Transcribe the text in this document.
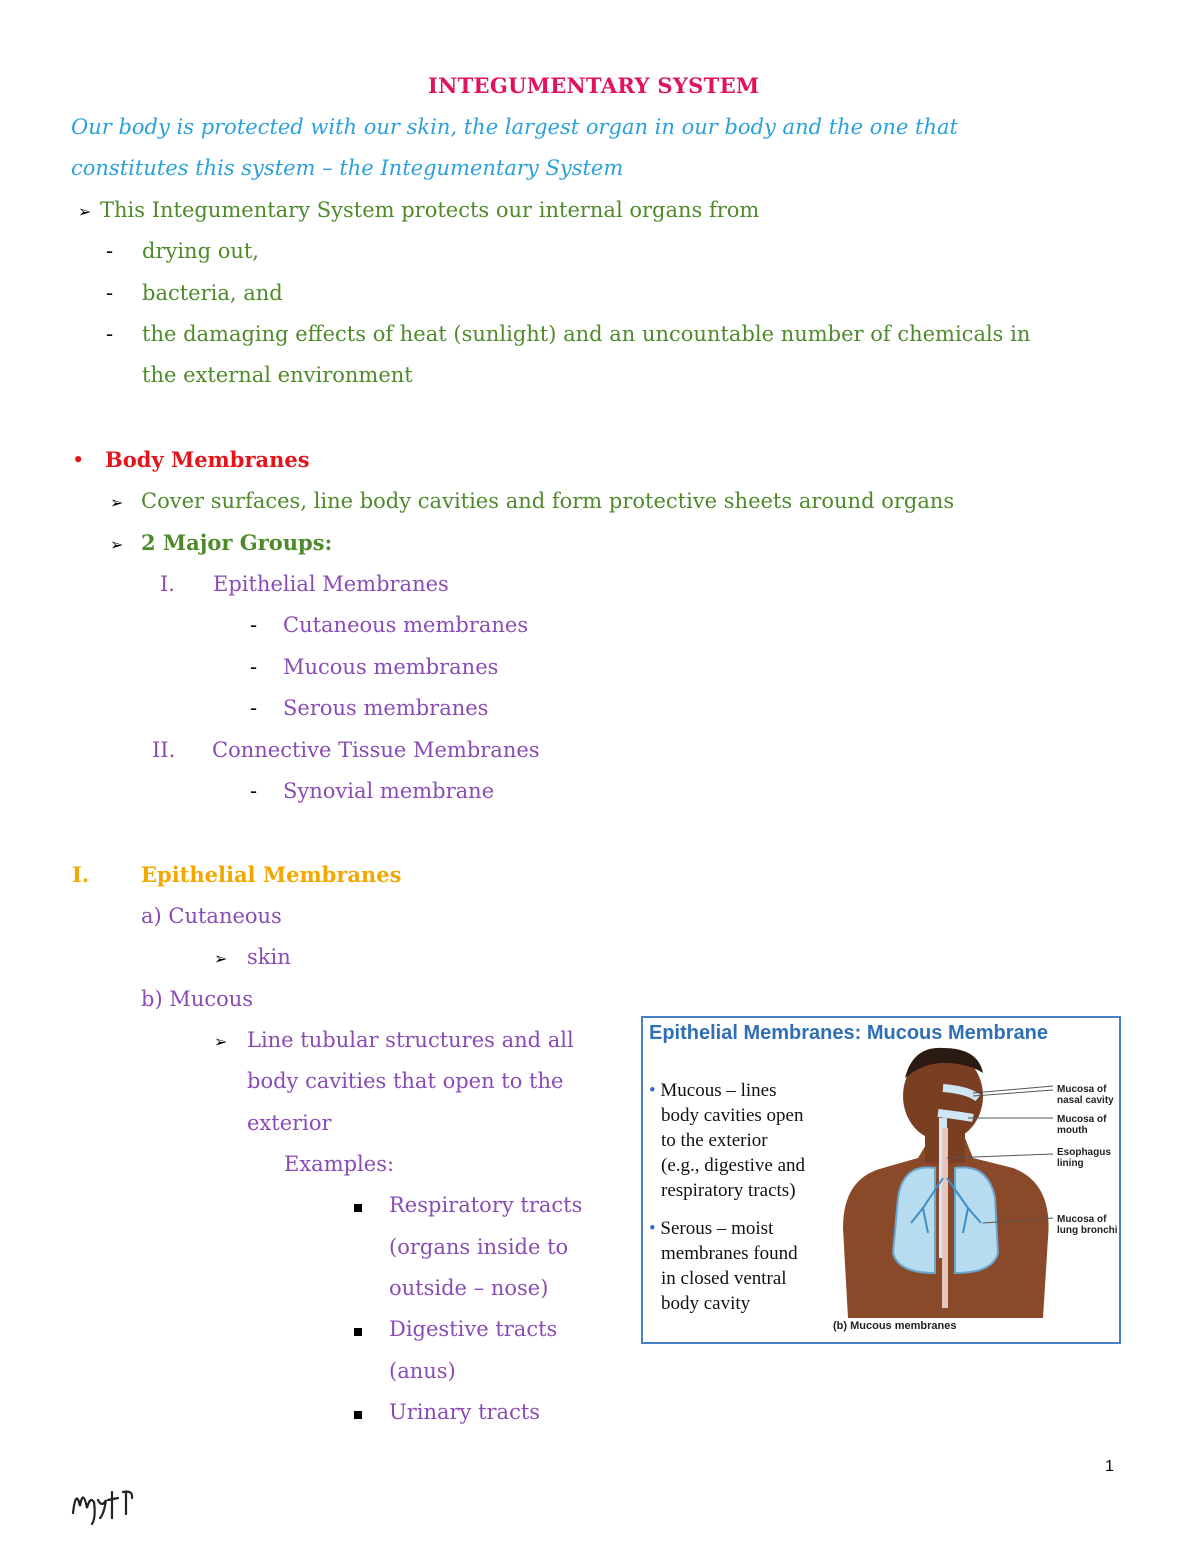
INTEGUMENTARY SYSTEM
Our body is protected with our skin, the largest organ in our body and the one that
constitutes this system – the Integumentary System
➢ This Integumentary System protects our internal organs from
- drying out,
- bacteria, and
- the damaging effects of heat (sunlight) and an uncountable number of chemicals in
the external environment
• Body Membranes
➢ Cover surfaces, line body cavities and form protective sheets around organs
➢ 2 Major Groups:
I. Epithelial Membranes
- Cutaneous membranes
- Mucous membranes
- Serous membranes
II. Connective Tissue Membranes
- Synovial membrane
I. Epithelial Membranes
a) Cutaneous
➢ skin
b) Mucous
➢ Line tubular structures and all
body cavities that open to the
exterior
Examples:
Respiratory tracts
(organs inside to
outside – nose)
Digestive tracts
(anus)
Urinary tracts
Epithelial Membranes: Mucous Membrane
• Mucous – lines
body cavities open
to the exterior
(e.g., digestive and
respiratory tracts)
• Serous – moist
membranes found
in closed ventral
body cavity
Mucosa of
nasal cavity
Mucosa of
mouth
Esophagus
lining
Mucosa of
lung bronchi
(b) Mucous membranes
1
